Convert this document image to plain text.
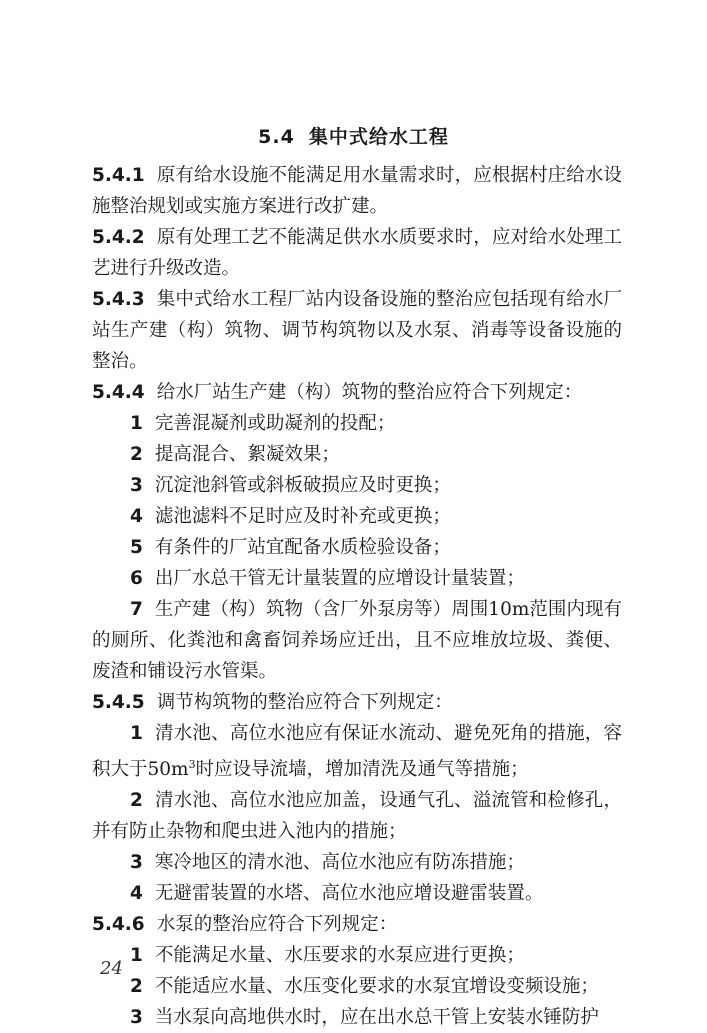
5.4 集中式给水工程

5.4.1 原有给水设施不能满足用水量需求时，应根据村庄给水设施整治规划或实施方案进行改扩建。

5.4.2 原有处理工艺不能满足供水水质要求时，应对给水处理工艺进行升级改造。

5.4.3 集中式给水工程厂站内设备设施的整治应包括现有给水厂站生产建（构）筑物、调节构筑物以及水泵、消毒等设备设施的整治。

5.4.4 给水厂站生产建（构）筑物的整治应符合下列规定：

1 完善混凝剂或助凝剂的投配；

2 提高混合、絮凝效果；

3 沉淀池斜管或斜板破损应及时更换；

4 滤池滤料不足时应及时补充或更换；

5 有条件的厂站宜配备水质检验设备；

6 出厂水总干管无计量装置的应增设计量装置；

7 生产建（构）筑物（含厂外泵房等）周围10m范围内现有的厕所、化粪池和禽畜饲养场应迁出，且不应堆放垃圾、粪便、废渣和铺设污水管渠。

5.4.5 调节构筑物的整治应符合下列规定：

1 清水池、高位水池应有保证水流动、避免死角的措施，容积大于$50m^3$时应设导流墙，增加清洗及通气等措施；

2 清水池、高位水池应加盖，设通气孔、溢流管和检修孔，并有防止杂物和爬虫进入池内的措施；

3 寒冷地区的清水池、高位水池应有防冻措施；

4 无避雷装置的水塔、高位水池应增设避雷装置。

5.4.6 水泵的整治应符合下列规定：

1 不能满足水量、水压要求的水泵应进行更换；

2 不能适应水量、水压变化要求的水泵宜增设变频设施；

3 当水泵向高地供水时，应在出水总干管上安装水锤防护

24
